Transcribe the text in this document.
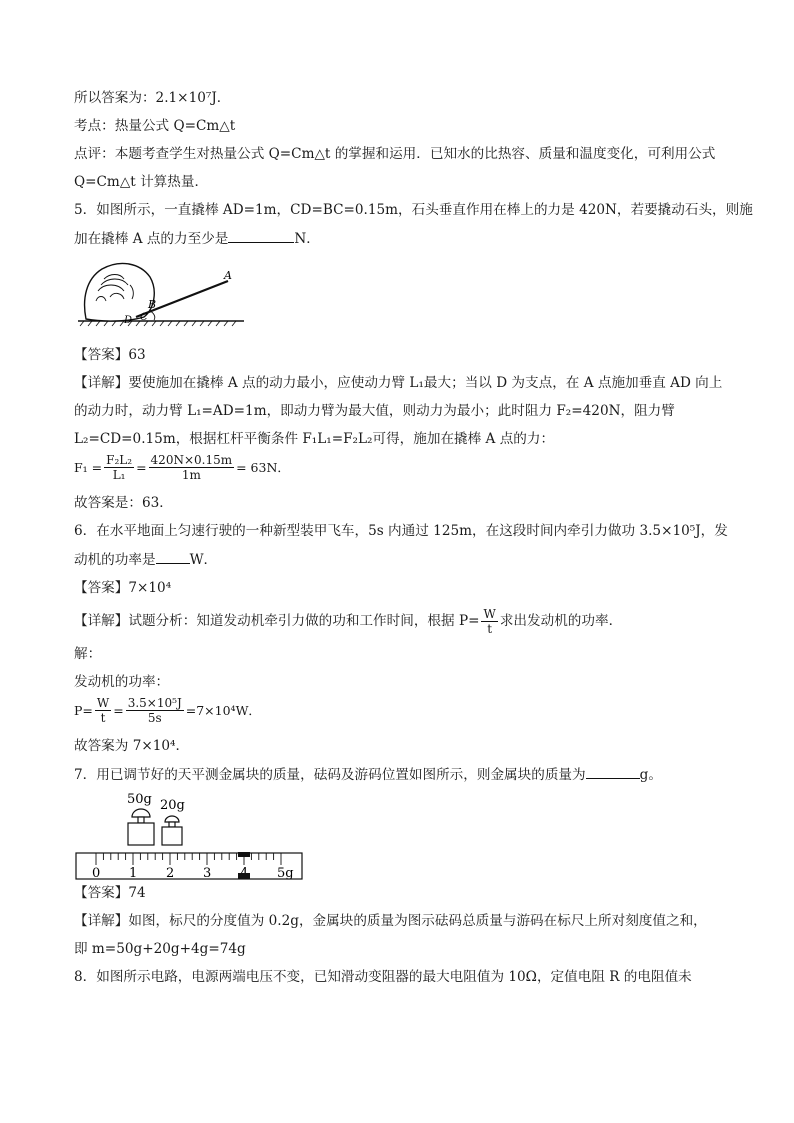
所以答案为：2.1×10⁷J．
考点：热量公式 Q=Cm△t
点评：本题考查学生对热量公式 Q=Cm△t 的掌握和运用．已知水的比热容、质量和温度变化，可利用公式
Q=Cm△t 计算热量．
5．如图所示，一直撬棒 AD=1m，CD=BC=0.15m，石头垂直作用在棒上的力是 420N，若要撬动石头，则施
加在撬棒 A 点的力至少是	N．
A
B
C
D
【答案】63
【详解】要使施加在撬棒 A 点的动力最小，应使动力臂 L₁最大；当以 D 为支点，在 A 点施加垂直 AD 向上
的动力时，动力臂 L₁=AD=1m，即动力臂为最大值，则动力为最小；此时阻力 F₂=420N，阻力臂
L₂=CD=0.15m，根据杠杆平衡条件 F₁L₁=F₂L₂可得，施加在撬棒 A 点的力：
$F_1 = \frac{\text{F₂L₂}}{\text{L₁}} = \frac{420N\times 0.15m}{1m} = 63N$．
故答案是：63．
6．在水平地面上匀速行驶的一种新型装甲飞车，5s 内通过 125m，在这段时间内牵引力做功 3.5×10⁵J，发
动机的功率是	W．
【答案】7×10⁴
【详解】试题分析：知道发动机牵引力做的功和工作时间，根据 $P= \frac{W}{t}$ 求出发动机的功率．
解：
发动机的功率：
$P= \frac{W}{t} = \frac{\text{3.5×10⁵J}}{5s} =7\times 10^4W$．
故答案为 7×10⁴．
7．用已调节好的天平测金属块的质量，砝码及游码位置如图所示，则金属块的质量为	g。
50g 20g
0 1 2 3	5g
【答案】74
【详解】如图，标尺的分度值为 0.2g，金属块的质量为图示砝码总质量与游码在标尺上所对刻度值之和，
即 m=50g+20g+4g=74g
8．如图所示电路，电源两端电压不变，已知滑动变阻器的最大电阻值为 10Ω，定值电阻 R 的电阻值未
